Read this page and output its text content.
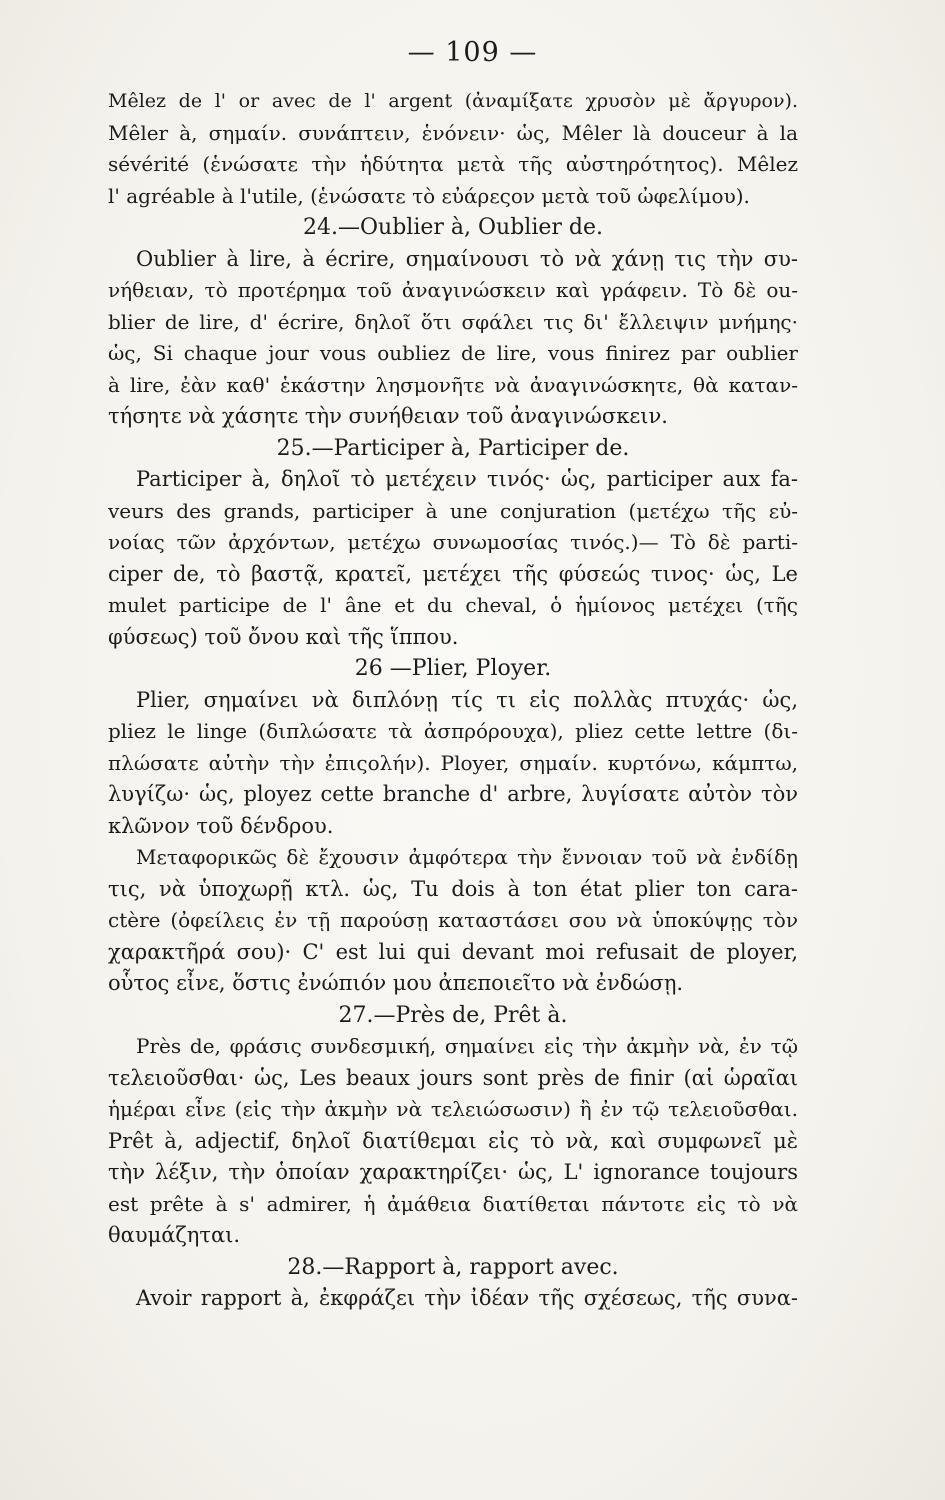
— 109 —
Mêlez de l' or avec de l' argent (ἀναμίξατε χρυσὸν μὲ ἄργυρον).
Mêler à, σημαίν. συνάπτειν, ἑνόνειν· ὡς, Mêler là douceur à la
sévérité (ἑνώσατε τὴν ἡδύτητα μετὰ τῆς αὐστηρότητος). Mêlez
l' agréable à l'utile, (ἑνώσατε τὸ εὐάρεςον μετὰ τοῦ ὠφελίμου).
24.—Oublier à, Oublier de.
Oublier à lire, à écrire, σημαίνουσι τὸ νὰ χάνῃ τις τὴν συ-
νήθειαν, τὸ προτέρημα τοῦ ἀναγινώσκειν καὶ γράφειν. Τὸ δὲ ou-
blier de lire, d' écrire, δηλοῖ ὅτι σφάλει τις δι' ἔλλειψιν μνήμης·
ὡς, Si chaque jour vous oubliez de lire, vous finirez par oublier
à lire, ἐὰν καθ' ἑκάστην λησμονῆτε νὰ ἀναγινώσκητε, θὰ καταν-
τήσητε νὰ χάσητε τὴν συνήθειαν τοῦ ἀναγινώσκειν.
25.—Participer à, Participer de.
Participer à, δηλοῖ τὸ μετέχειν τινός· ὡς, participer aux fa-
veurs des grands, participer à une conjuration (μετέχω τῆς εὐ-
νοίας τῶν ἀρχόντων, μετέχω συνωμοσίας τινός.)— Τὸ δὲ parti-
ciper de, τὸ βαστᾷ, κρατεῖ, μετέχει τῆς φύσεώς τινος· ὡς, Le
mulet participe de l' âne et du cheval, ὁ ἡμίονος μετέχει (τῆς
φύσεως) τοῦ ὄνου καὶ τῆς ἵππου.
26 —Plier, Ployer.
Plier, σημαίνει νὰ διπλόνῃ τίς τι εἰς πολλὰς πτυχάς· ὡς,
pliez le linge (διπλώσατε τὰ ἀσπρόρουχα), pliez cette lettre (δι-
πλώσατε αὐτὴν τὴν ἐπιςολήν). Ployer, σημαίν. κυρτόνω, κάμπτω,
λυγίζω· ὡς, ployez cette branche d' arbre, λυγίσατε αὐτὸν τὸν
κλῶνον τοῦ δένδρου.
Μεταφορικῶς δὲ ἔχουσιν ἀμφότερα τὴν ἔννοιαν τοῦ νὰ ἐνδίδῃ
τις, νὰ ὑποχωρῇ κτλ. ὡς, Tu dois à ton état plier ton cara-
ctère (ὀφείλεις ἐν τῇ παρούσῃ καταστάσει σου νὰ ὑποκύψῃς τὸν
χαρακτῆρά σου)· C' est lui qui devant moi refusait de ployer,
οὗτος εἶνε, ὅστις ἐνώπιόν μου ἀπεποιεῖτο νὰ ἐνδώσῃ.
27.—Près de, Prêt à.
Près de, φράσις συνδεσμική, σημαίνει εἰς τὴν ἀκμὴν νὰ, ἐν τῷ
τελειοῦσθαι· ὡς, Les beaux jours sont près de finir (αἱ ὡραῖαι
ἡμέραι εἶνε (εἰς τὴν ἀκμὴν νὰ τελειώσωσιν) ἢ ἐν τῷ τελειοῦσθαι.
Prêt à, adjectif, δηλοῖ διατίθεμαι εἰς τὸ νὰ, καὶ συμφωνεῖ μὲ
τὴν λέξιν, τὴν ὁποίαν χαρακτηρίζει· ὡς, L' ignorance toujours
est prête à s' admirer, ἡ ἀμάθεια διατίθεται πάντοτε εἰς τὸ νὰ
θαυμάζηται.
28.—Rapport à, rapport avec.
Avoir rapport à, ἐκφράζει τὴν ἰδέαν τῆς σχέσεως, τῆς συνα-
